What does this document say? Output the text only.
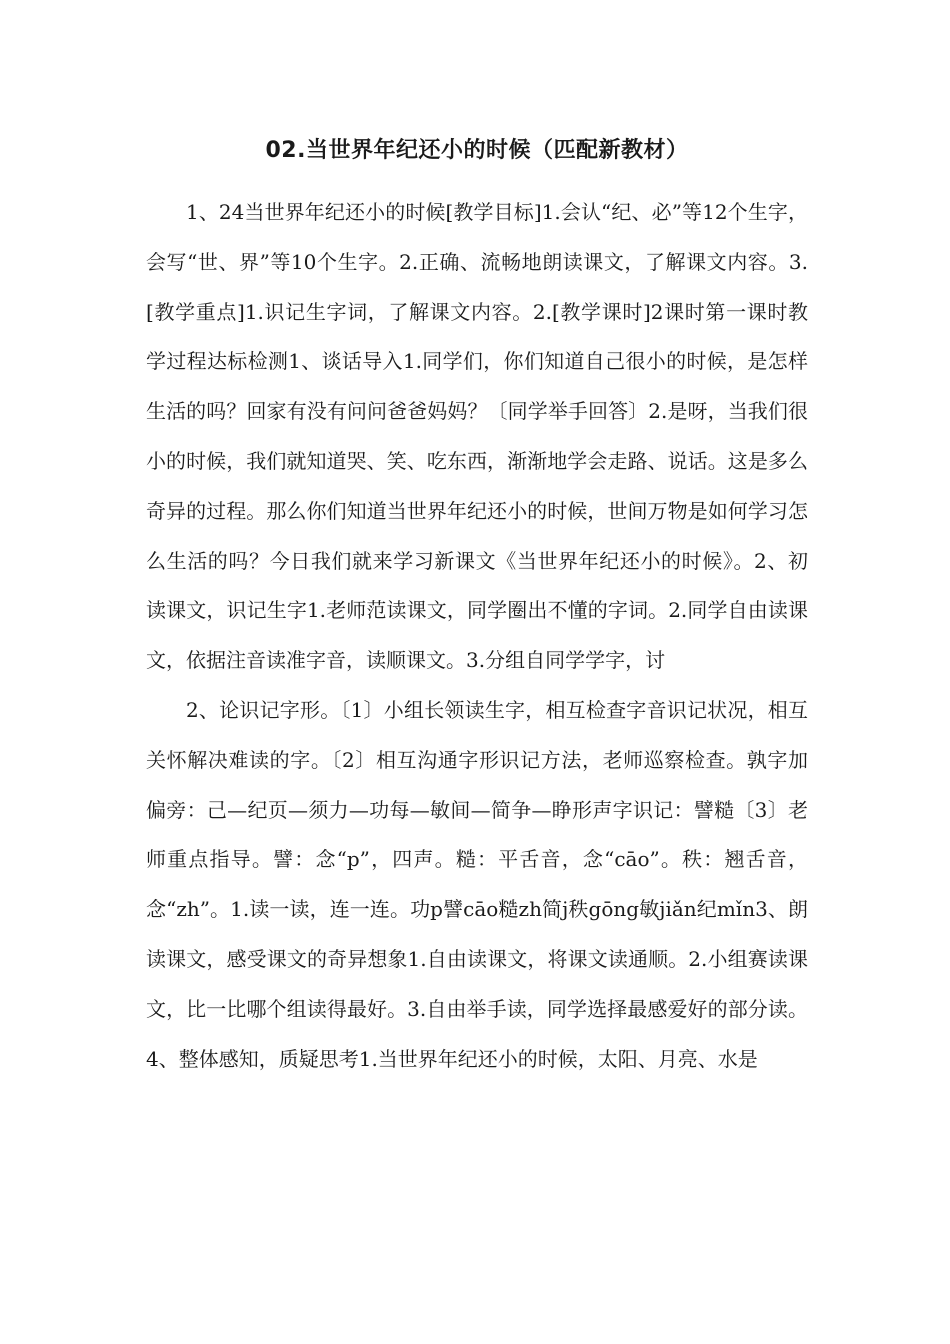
02.当世界年纪还小的时候（匹配新教材）

1、24当世界年纪还小的时候[教学目标]1.会认“纪、必”等12个生字，会写“世、界”等10个生字。2.正确、流畅地朗读课文，了解课文内容。3.[教学重点]1.识记生字词，了解课文内容。2.[教学课时]2课时第一课时教学过程达标检测1、谈话导入1.同学们，你们知道自己很小的时候，是怎样生活的吗？回家有没有问问爸爸妈妈？〔同学举手回答〕2.是呀，当我们很小的时候，我们就知道哭、笑、吃东西，渐渐地学会走路、说话。这是多么奇异的过程。那么你们知道当世界年纪还小的时候，世间万物是如何学习怎么生活的吗？今日我们就来学习新课文《当世界年纪还小的时候》。2、初读课文，识记生字1.老师范读课文，同学圈出不懂的字词。2.同学自由读课文，依据注音读准字音，读顺课文。3.分组自同学学字，讨

2、论识记字形。〔1〕小组长领读生字，相互检查字音识记状况，相互关怀解决难读的字。〔2〕相互沟通字形识记方法，老师巡察检查。孰字加偏旁：己—纪页—须力—功每—敏间—简争—睁形声字识记：譬糙〔3〕老师重点指导。譬：念“p”，四声。糙：平舌音，念“cāo”。秩：翘舌音，念“zh”。1.读一读，连一连。功p譬cāo糙zh简j秩gōng敏jiǎn纪mǐn3、朗读课文，感受课文的奇异想象1.自由读课文，将课文读通顺。2.小组赛读课文，比一比哪个组读得最好。3.自由举手读，同学选择最感爱好的部分读。4、整体感知，质疑思考1.当世界年纪还小的时候，太阳、月亮、水是
